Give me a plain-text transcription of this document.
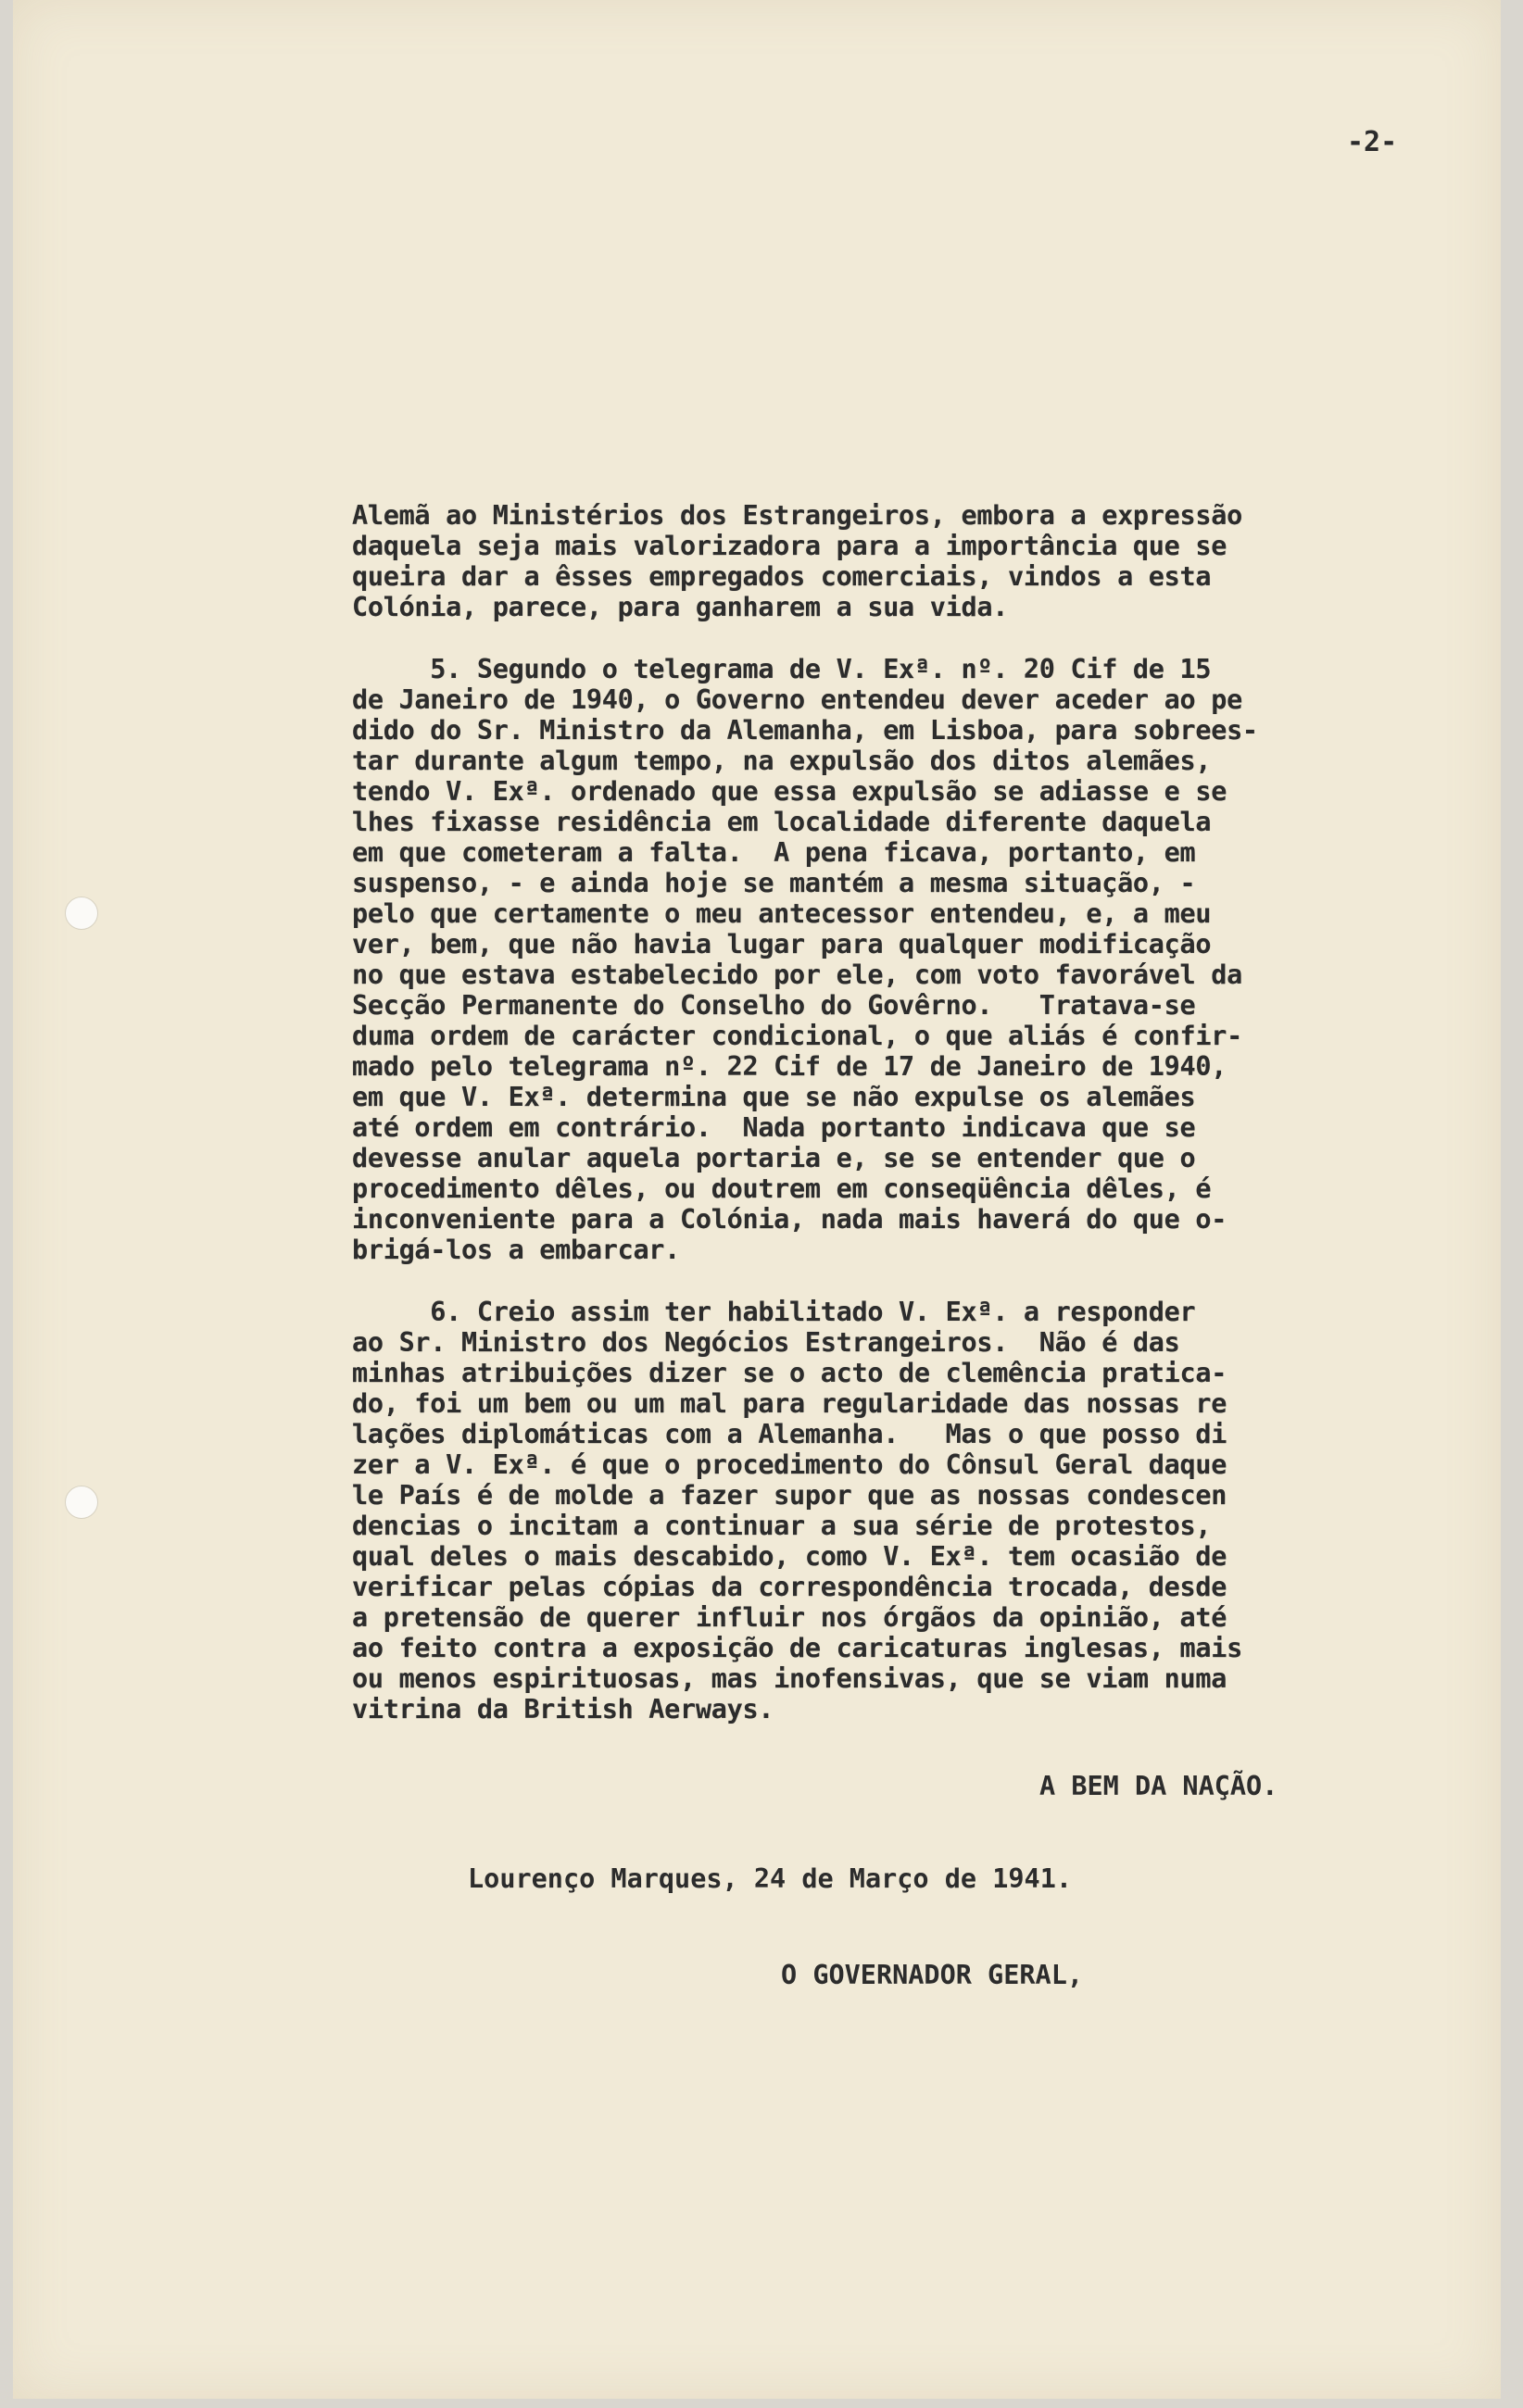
-2-

Alemã ao Ministérios dos Estrangeiros, embora a expressão

daquela seja mais valorizadora para a importância que se

queira dar a êsses empregados comerciais, vindos a esta

Colónia, parece, para ganharem a sua vida.

5. Segundo o telegrama de V. Exª. nº. 20 Cif de 15

de Janeiro de 1940, o Governo entendeu dever aceder ao pe

dido do Sr. Ministro da Alemanha, em Lisboa, para sobrees-

tar durante algum tempo, na expulsão dos ditos alemães,

tendo V. Exª. ordenado que essa expulsão se adiasse e se

lhes fixasse residência em localidade diferente daquela

em que cometeram a falta.  A pena ficava, portanto, em

suspenso, - e ainda hoje se mantém a mesma situação, -

pelo que certamente o meu antecessor entendeu, e, a meu

ver, bem, que não havia lugar para qualquer modificação

no que estava estabelecido por ele, com voto favorável da

Secção Permanente do Conselho do Govêrno.   Tratava-se

duma ordem de carácter condicional, o que aliás é confir-

mado pelo telegrama nº. 22 Cif de 17 de Janeiro de 1940,

em que V. Exª. determina que se não expulse os alemães

até ordem em contrário.  Nada portanto indicava que se

devesse anular aquela portaria e, se se entender que o

procedimento dêles, ou doutrem em conseqüência dêles, é

inconveniente para a Colónia, nada mais haverá do que o-

brigá-los a embarcar.

6. Creio assim ter habilitado V. Exª. a responder

ao Sr. Ministro dos Negócios Estrangeiros.  Não é das

minhas atribuições dizer se o acto de clemência pratica-

do, foi um bem ou um mal para regularidade das nossas re

lações diplomáticas com a Alemanha.   Mas o que posso di

zer a V. Exª. é que o procedimento do Cônsul Geral daque

le País é de molde a fazer supor que as nossas condescen

dencias o incitam a continuar a sua série de protestos,

qual deles o mais descabido, como V. Exª. tem ocasião de

verificar pelas cópias da correspondência trocada, desde

a pretensão de querer influir nos órgãos da opinião, até

ao feito contra a exposição de caricaturas inglesas, mais

ou menos espirituosas, mas inofensivas, que se viam numa

vitrina da British Aerways.

A BEM DA NAÇÃO.
Lourenço Marques, 24 de Março de 1941.
O GOVERNADOR GERAL,
